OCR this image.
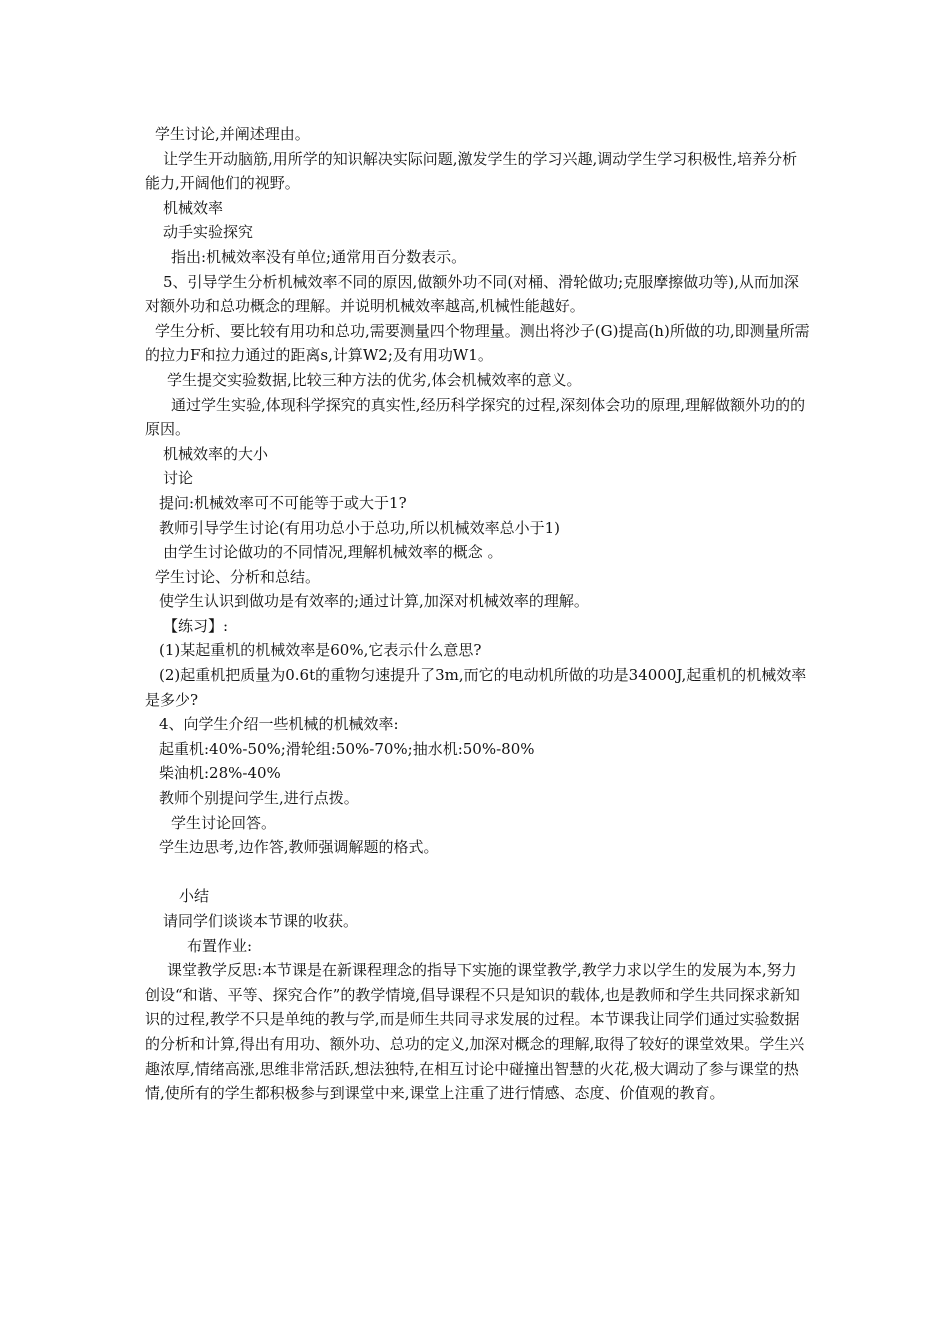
学生讨论,并阐述理由。

让学生开动脑筋,用所学的知识解决实际问题,激发学生的学习兴趣,调动学生学习积极性,培养分析能力,开阔他们的视野。

机械效率

动手实验探究

指出:机械效率没有单位;通常用百分数表示。

5、引导学生分析机械效率不同的原因,做额外功不同(对桶、滑轮做功;克服摩擦做功等),从而加深对额外功和总功概念的理解。并说明机械效率越高,机械性能越好。

学生分析、要比较有用功和总功,需要测量四个物理量。测出将沙子(G)提高(h)所做的功,即测量所需的拉力F和拉力通过的距离s,计算W2;及有用功W1。

学生提交实验数据,比较三种方法的优劣,体会机械效率的意义。

通过学生实验,体现科学探究的真实性,经历科学探究的过程,深刻体会功的原理,理解做额外功的的原因。

机械效率的大小

讨论

提问:机械效率可不可能等于或大于1?

教师引导学生讨论(有用功总小于总功,所以机械效率总小于1)

由学生讨论做功的不同情况,理解机械效率的概念 。

学生讨论、分析和总结。

使学生认识到做功是有效率的;通过计算,加深对机械效率的理解。

【练习】:

(1)某起重机的机械效率是60%,它表示什么意思?

(2)起重机把质量为0.6t的重物匀速提升了3m,而它的电动机所做的功是34000J,起重机的机械效率是多少?

4、向学生介绍一些机械的机械效率:

起重机:40%-50%;滑轮组:50%-70%;抽水机:50%-80%

柴油机:28%-40%

教师个别提问学生,进行点拨。

学生讨论回答。

学生边思考,边作答,教师强调解题的格式。

小结

请同学们谈谈本节课的收获。

布置作业:

课堂教学反思:本节课是在新课程理念的指导下实施的课堂教学,教学力求以学生的发展为本,努力创设“和谐、平等、探究合作”的教学情境,倡导课程不只是知识的载体,也是教师和学生共同探求新知识的过程,教学不只是单纯的教与学,而是师生共同寻求发展的过程。本节课我让同学们通过实验数据的分析和计算,得出有用功、额外功、总功的定义,加深对概念的理解,取得了较好的课堂效果。学生兴趣浓厚,情绪高涨,思维非常活跃,想法独特,在相互讨论中碰撞出智慧的火花,极大调动了参与课堂的热情,使所有的学生都积极参与到课堂中来,课堂上注重了进行情感、态度、价值观的教育。
